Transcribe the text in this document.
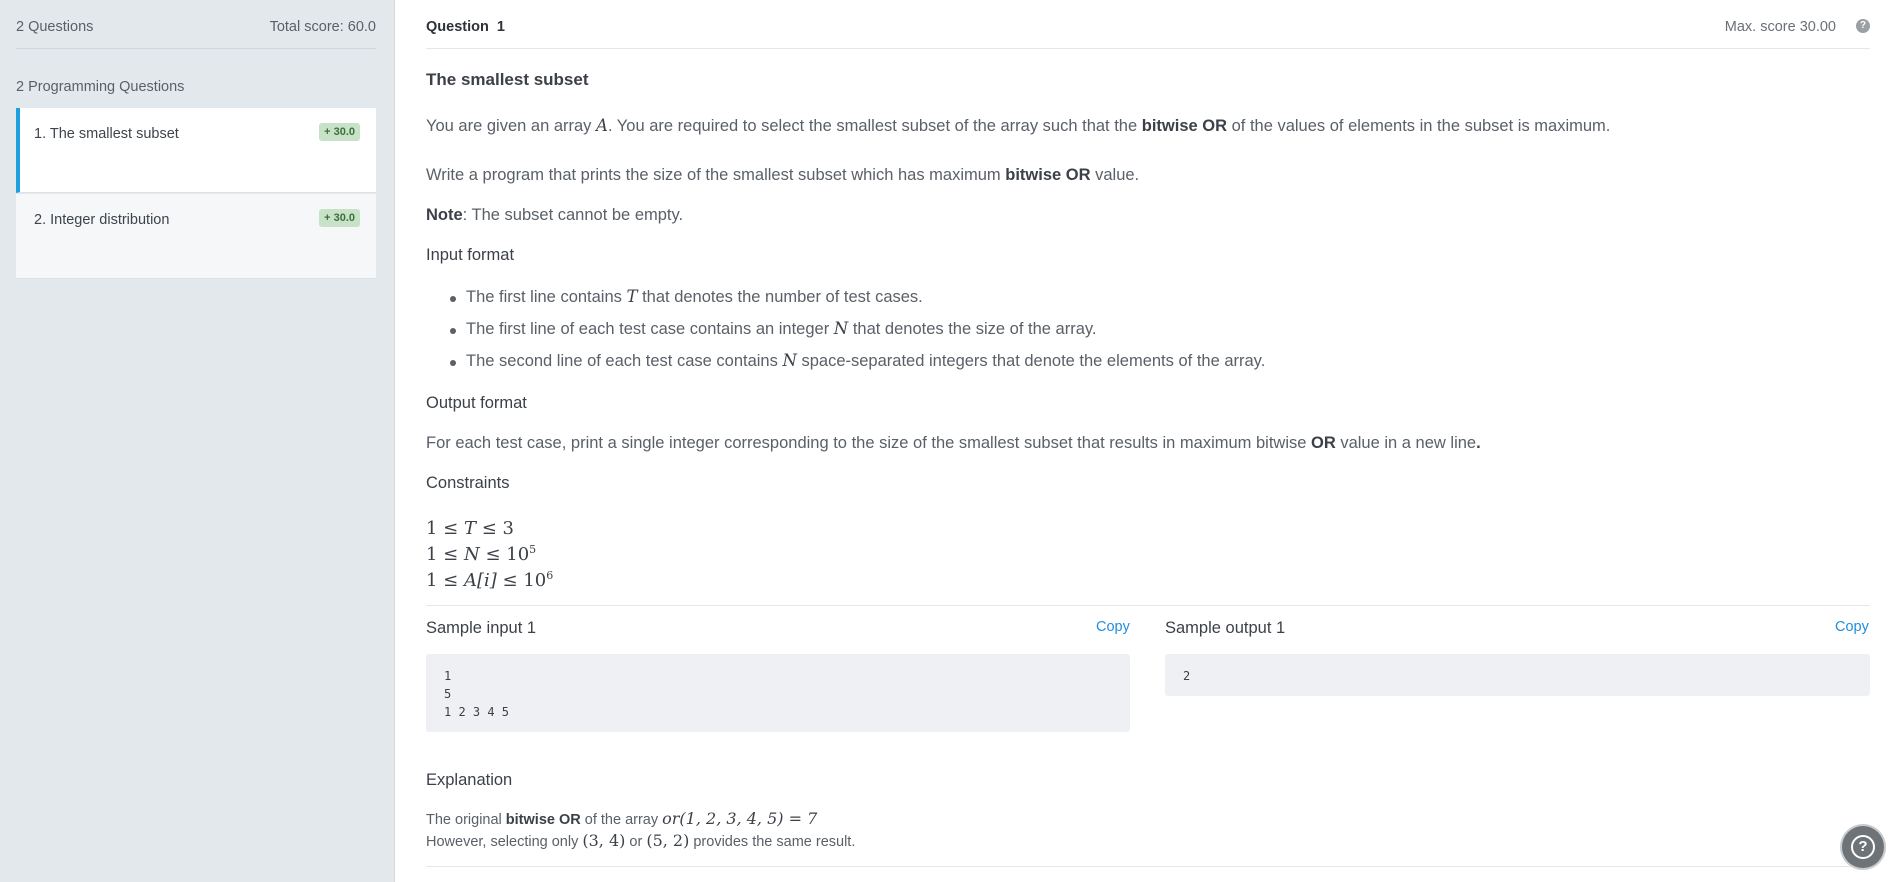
2 Questions	Total score: 60.0
2 Programming Questions
1. The smallest subset	+ 30.0
2. Integer distribution	+ 30.0
Question 1	Max. score 30.00	?
The smallest subset
You are given an array A. You are required to select the smallest subset of the array such that the bitwise OR of the values of elements in the subset is maximum.
Write a program that prints the size of the smallest subset which has maximum bitwise OR value.
Note: The subset cannot be empty.
Input format
The first line contains T that denotes the number of test cases.
The first line of each test case contains an integer N that denotes the size of the array.
The second line of each test case contains N space-separated integers that denote the elements of the array.
Output format
For each test case, print a single integer corresponding to the size of the smallest subset that results in maximum bitwise OR value in a new line.
Constraints
1 ≤ T ≤ 3
$1 \le N \le 10^5$
$1 \le A[i] \le 10^6$
Sample input 1	Copy
1
5
1 2 3 4 5
Sample output 1	Copy
2
Explanation
The original bitwise OR of the array or(1, 2, 3, 4, 5) = 7
However, selecting only (3, 4) or (5, 2) provides the same result.	?
